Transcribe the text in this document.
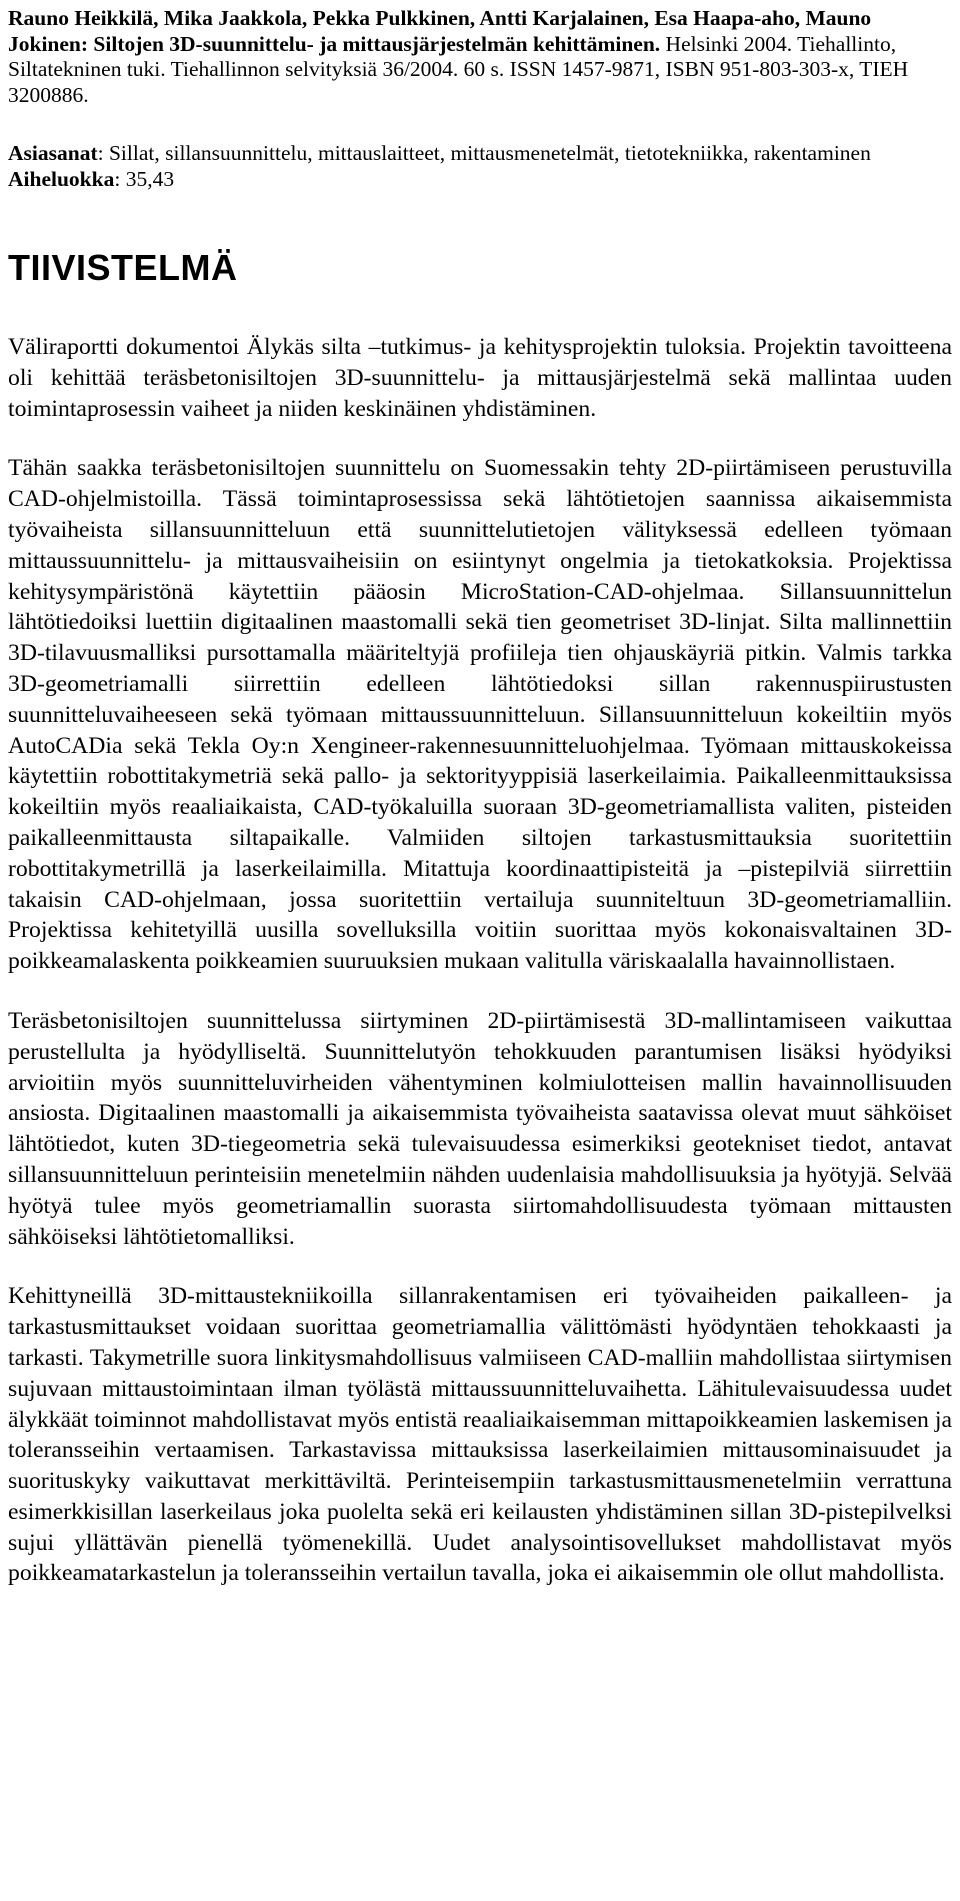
Rauno Heikkilä, Mika Jaakkola, Pekka Pulkkinen, Antti Karjalainen, Esa Haapa-aho, Mauno Jokinen: Siltojen 3D-suunnittelu- ja mittausjärjestelmän kehittäminen. Helsinki 2004. Tiehallinto, Siltatekninen tuki. Tiehallinnon selvityksiä 36/2004. 60 s. ISSN 1457-9871, ISBN 951-803-303-x, TIEH 3200886.

Asiasanat: Sillat, sillansuunnittelu, mittauslaitteet, mittausmenetelmät, tietotekniikka, rakentaminen

Aiheluokka: 35,43

TIIVISTELMÄ

Väliraportti dokumentoi Älykäs silta –tutkimus- ja kehitysprojektin tuloksia. Projektin tavoitteena oli kehittää teräsbetonisiltojen 3D-suunnittelu- ja mittausjärjestelmä sekä mallintaa uuden toimintaprosessin vaiheet ja niiden keskinäinen yhdistäminen.

Tähän saakka teräsbetonisiltojen suunnittelu on Suomessakin tehty 2D-piirtämiseen perustuvilla CAD-ohjelmistoilla. Tässä toimintaprosessissa sekä lähtötietojen saannissa aikaisemmista työvaiheista sillansuunnitteluun että suunnittelutietojen välityksessä edelleen työmaan mittaussuunnittelu- ja mittausvaiheisiin on esiintynyt ongelmia ja tietokatkoksia. Projektissa kehitysympäristönä käytettiin pääosin MicroStation-CAD-ohjelmaa. Sillansuunnittelun lähtötiedoiksi luettiin digitaalinen maastomalli sekä tien geometriset 3D-linjat. Silta mallinnettiin 3D-tilavuusmalliksi pursottamalla määriteltyjä profiileja tien ohjauskäyriä pitkin. Valmis tarkka 3D-geometriamalli siirrettiin edelleen lähtötiedoksi sillan rakennuspiirustusten suunnitteluvaiheeseen sekä työmaan mittaussuunnitteluun. Sillansuunnitteluun kokeiltiin myös AutoCADia sekä Tekla Oy:n Xengineer-rakennesuunnitteluohjelmaa. Työmaan mittauskokeissa käytettiin robottitakymetriä sekä pallo- ja sektorityyppisiä laserkeilaimia. Paikalleenmittauksissa kokeiltiin myös reaaliaikaista, CAD-työkaluilla suoraan 3D-geometriamallista valiten, pisteiden paikalleenmittausta siltapaikalle. Valmiiden siltojen tarkastusmittauksia suoritettiin robottitakymetrillä ja laserkeilaimilla. Mitattuja koordinaattipisteitä ja –pistepilviä siirrettiin takaisin CAD-ohjelmaan, jossa suoritettiin vertailuja suunniteltuun 3D-geometriamalliin. Projektissa kehitetyillä uusilla sovelluksilla voitiin suorittaa myös kokonaisvaltainen 3D-poikkeamalaskenta poikkeamien suuruuksien mukaan valitulla väriskaalalla havainnollistaen.

Teräsbetonisiltojen suunnittelussa siirtyminen 2D-piirtämisestä 3D-mallintamiseen vaikuttaa perustellulta ja hyödylliseltä. Suunnittelutyön tehokkuuden parantumisen lisäksi hyödyiksi arvioitiin myös suunnitteluvirheiden vähentyminen kolmiulotteisen mallin havainnollisuuden ansiosta. Digitaalinen maastomalli ja aikaisemmista työvaiheista saatavissa olevat muut sähköiset lähtötiedot, kuten 3D-tiegeometria sekä tulevaisuudessa esimerkiksi geotekniset tiedot, antavat sillansuunnitteluun perinteisiin menetelmiin nähden uudenlaisia mahdollisuuksia ja hyötyjä. Selvää hyötyä tulee myös geometriamallin suorasta siirtomahdollisuudesta työmaan mittausten sähköiseksi lähtötietomalliksi.

Kehittyneillä 3D-mittaustekniikoilla sillanrakentamisen eri työvaiheiden paikalleen- ja tarkastusmittaukset voidaan suorittaa geometriamallia välittömästi hyödyntäen tehokkaasti ja tarkasti. Takymetrille suora linkitysmahdollisuus valmiiseen CAD-malliin mahdollistaa siirtymisen sujuvaan mittaustoimintaan ilman työlästä mittaussuunnitteluvaihetta. Lähitulevaisuudessa uudet älykkäät toiminnot mahdollistavat myös entistä reaaliaikaisemman mittapoikkeamien laskemisen ja toleransseihin vertaamisen. Tarkastavissa mittauksissa laserkeilaimien mittausominaisuudet ja suorituskyky vaikuttavat merkittäviltä. Perinteisempiin tarkastusmittausmenetelmiin verrattuna esimerkkisillan laserkeilaus joka puolelta sekä eri keilausten yhdistäminen sillan 3D-pistepilvelksi sujui yllättävän pienellä työmenekillä. Uudet analysointisovellukset mahdollistavat myös poikkeamatarkastelun ja toleransseihin vertailun tavalla, joka ei aikaisemmin ole ollut mahdollista.
